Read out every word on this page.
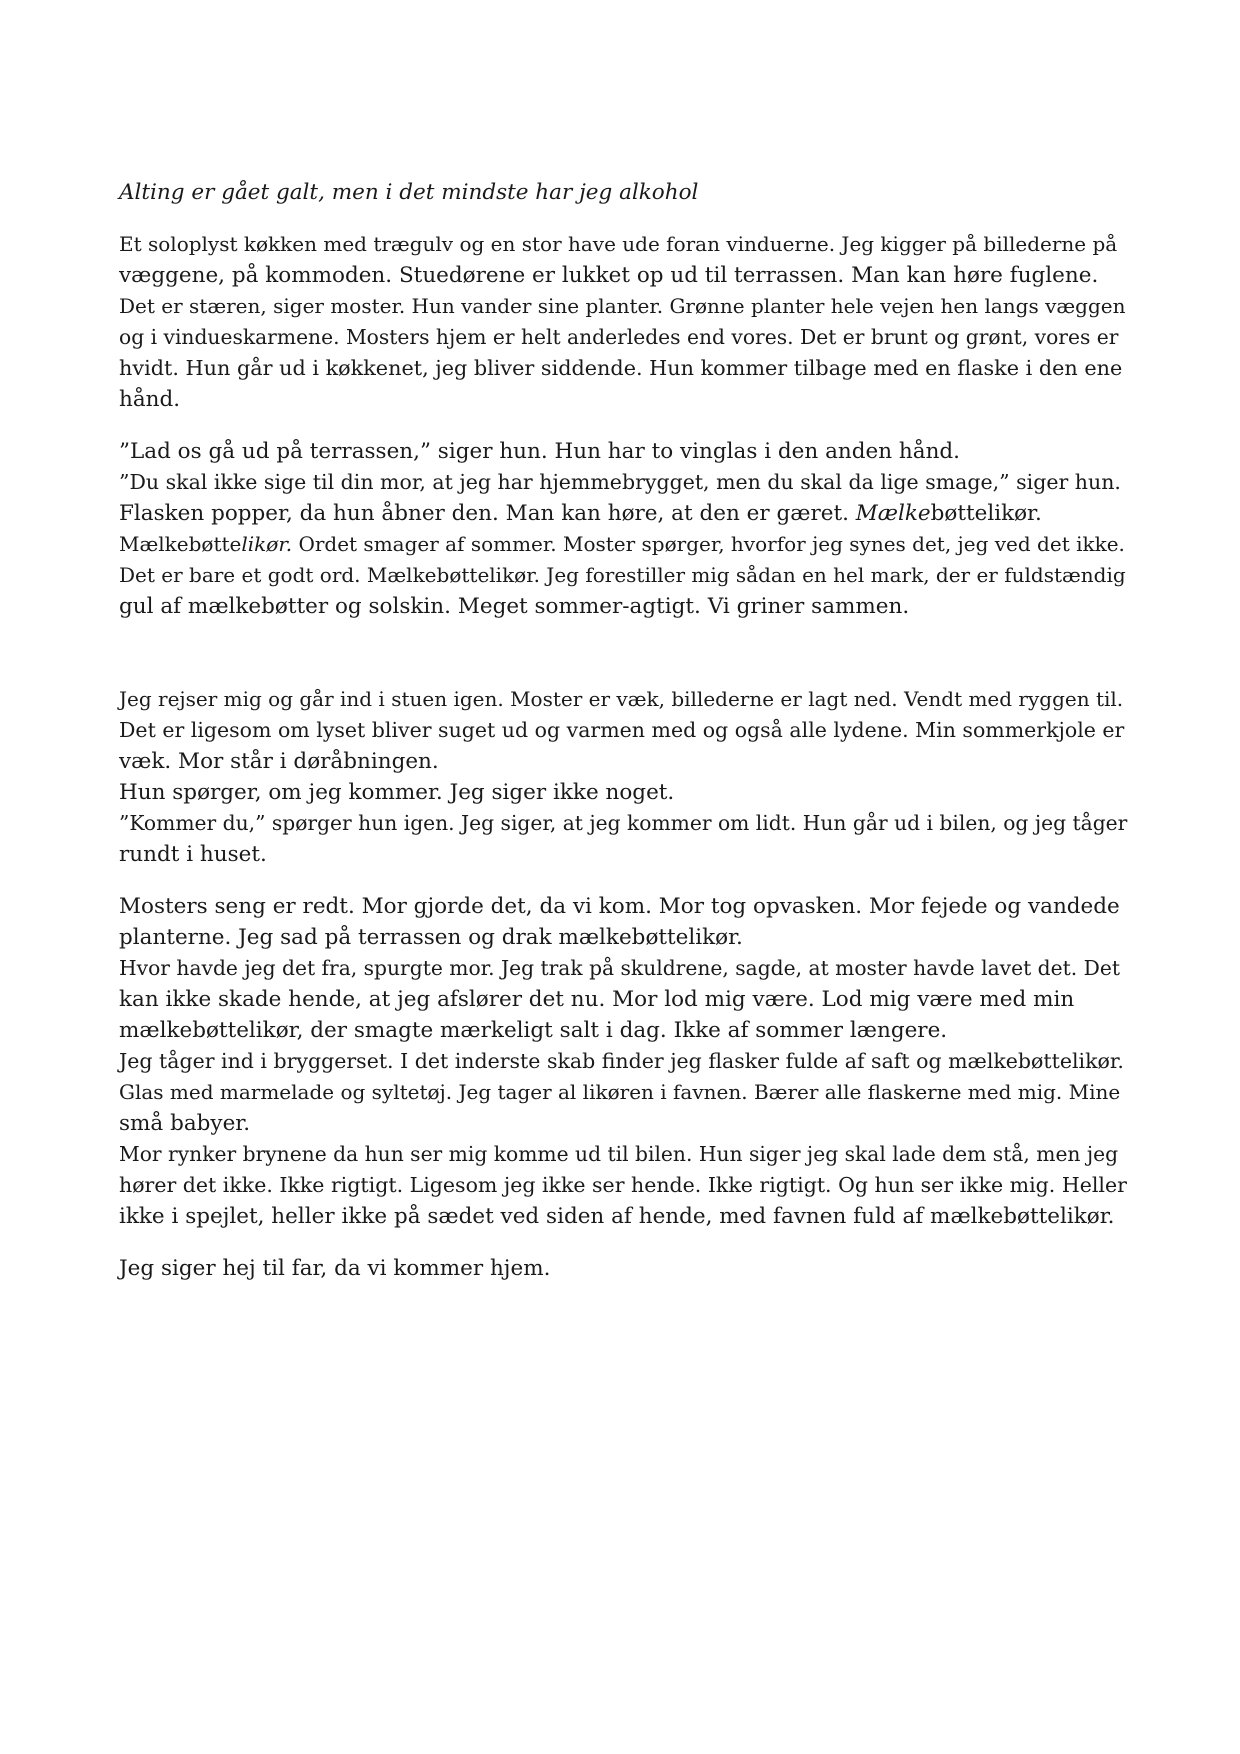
Alting er gået galt, men i det mindste har jeg alkohol
Et soloplyst køkken med trægulv og en stor have ude foran vinduerne. Jeg kigger på billederne på
væggene, på kommoden. Stuedørene er lukket op ud til terrassen. Man kan høre fuglene.
Det er stæren, siger moster. Hun vander sine planter. Grønne planter hele vejen hen langs væggen
og i vindueskarmene. Mosters hjem er helt anderledes end vores. Det er brunt og grønt, vores er
hvidt. Hun går ud i køkkenet, jeg bliver siddende. Hun kommer tilbage med en flaske i den ene
hånd.
”Lad os gå ud på terrassen,” siger hun. Hun har to vinglas i den anden hånd.
”Du skal ikke sige til din mor, at jeg har hjemmebrygget, men du skal da lige smage,” siger hun.
Flasken popper, da hun åbner den. Man kan høre, at den er gæret. Mælkebøttelikør.
Mælkebøttelikør. Ordet smager af sommer. Moster spørger, hvorfor jeg synes det, jeg ved det ikke.
Det er bare et godt ord. Mælkebøttelikør. Jeg forestiller mig sådan en hel mark, der er fuldstændig
gul af mælkebøtter og solskin. Meget sommer-agtigt. Vi griner sammen.
Jeg rejser mig og går ind i stuen igen. Moster er væk, billederne er lagt ned. Vendt med ryggen til.
Det er ligesom om lyset bliver suget ud og varmen med og også alle lydene. Min sommerkjole er
væk. Mor står i døråbningen.
Hun spørger, om jeg kommer. Jeg siger ikke noget.
”Kommer du,” spørger hun igen. Jeg siger, at jeg kommer om lidt. Hun går ud i bilen, og jeg tåger
rundt i huset.
Mosters seng er redt. Mor gjorde det, da vi kom. Mor tog opvasken. Mor fejede og vandede
planterne. Jeg sad på terrassen og drak mælkebøttelikør.
Hvor havde jeg det fra, spurgte mor. Jeg trak på skuldrene, sagde, at moster havde lavet det. Det
kan ikke skade hende, at jeg afslører det nu. Mor lod mig være. Lod mig være med min
mælkebøttelikør, der smagte mærkeligt salt i dag. Ikke af sommer længere.
Jeg tåger ind i bryggerset. I det inderste skab finder jeg flasker fulde af saft og mælkebøttelikør.
Glas med marmelade og syltetøj. Jeg tager al likøren i favnen. Bærer alle flaskerne med mig. Mine
små babyer.
Mor rynker brynene da hun ser mig komme ud til bilen. Hun siger jeg skal lade dem stå, men jeg
hører det ikke. Ikke rigtigt. Ligesom jeg ikke ser hende. Ikke rigtigt. Og hun ser ikke mig. Heller
ikke i spejlet, heller ikke på sædet ved siden af hende, med favnen fuld af mælkebøttelikør.
Jeg siger hej til far, da vi kommer hjem.
